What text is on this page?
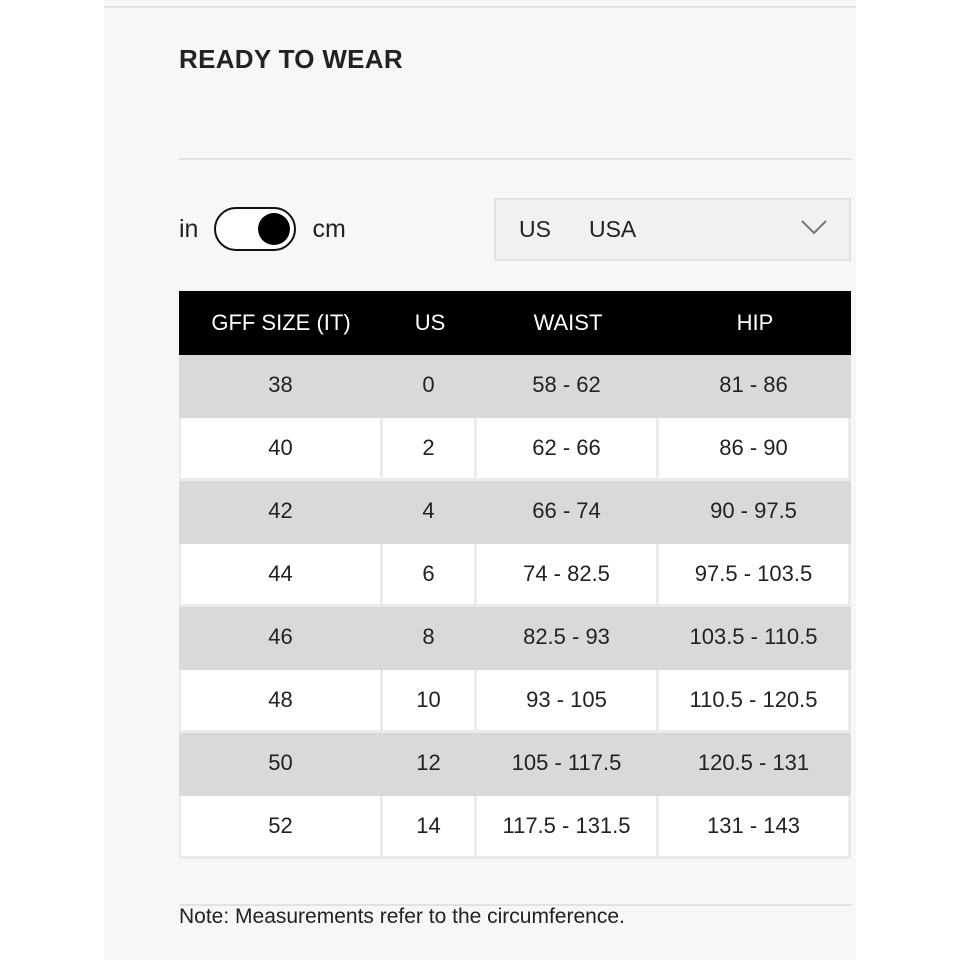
READY TO WEAR
in	cm	US USA
GFF SIZE (IT)	US	WAIST	HIP
38	0	58 - 62	81 - 86
40	2	62 - 66	86 - 90
42	4	66 - 74	90 - 97.5
44	6	74 - 82.5	97.5 - 103.5
46	8	82.5 - 93	103.5 - 110.5
48	10	93 - 105	110.5 - 120.5
50	12	105 - 117.5	120.5 - 131
52	14	117.5 - 131.5	131 - 143
Note: Measurements refer to the circumference.
